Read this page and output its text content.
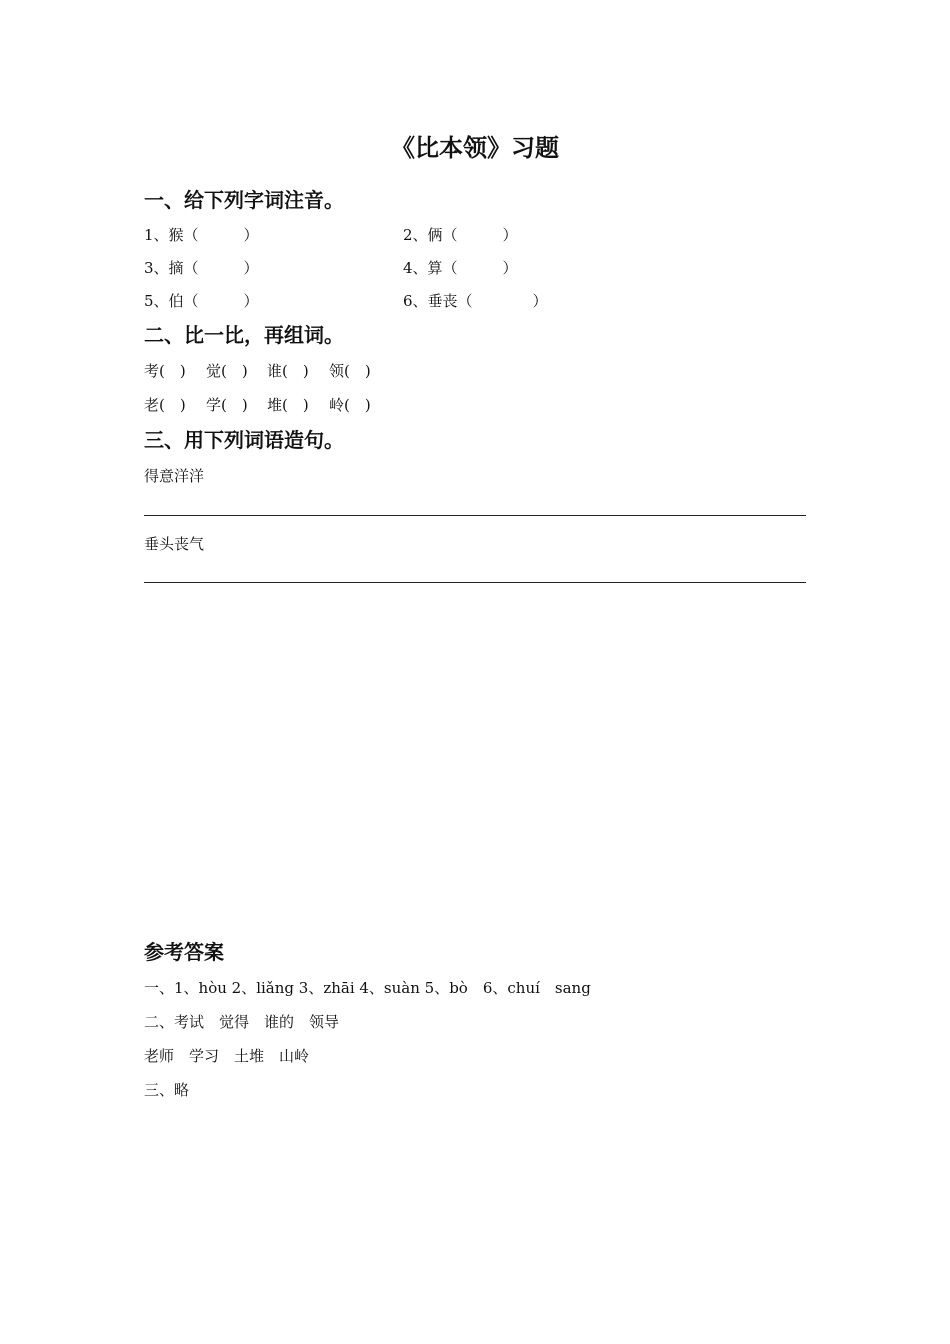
《比本领》习题
一、给下列字词注音。
1、猴（　　　）	2、俩（　　　）
3、摘（　　　）	4、算（　　　）
5、伯（　　　）	6、垂丧（　　　　）
二、比一比，再组词。
考(　) 觉(　) 谁(　) 领(　)
老(　) 学(　) 堆(　) 岭(　)
三、用下列词语造句。
得意洋洋
垂头丧气
参考答案
一、1、hòu 2、liǎng 3、zhāi 4、suàn 5、bò　6、chuí　sang
二、考试　觉得　谁的　领导
老师　学习　土堆　山岭
三、略
